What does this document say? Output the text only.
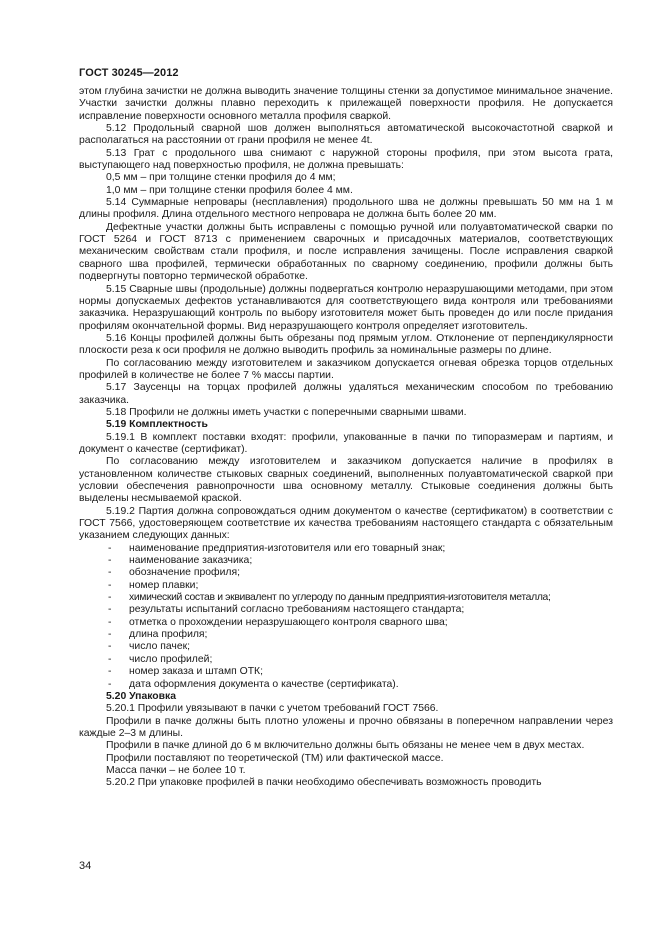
ГОСТ 30245—2012

этом глубина зачистки не должна выводить значение толщины стенки за допустимое минимальное значение. Участки зачистки должны плавно переходить к прилежащей поверхности профиля. Не допускается исправление поверхности основного металла профиля сваркой.

5.12 Продольный сварной шов должен выполняться автоматической высокочастотной сваркой и располагаться на расстоянии от грани профиля не менее 4t.

5.13 Грат с продольного шва снимают с наружной стороны профиля, при этом высота грата, выступающего над поверхностью профиля, не должна превышать:

0,5 мм – при толщине стенки профиля до 4 мм;

1,0 мм – при толщине стенки профиля более 4 мм.

5.14 Суммарные непровары (несплавления) продольного шва не должны превышать 50 мм на 1 м длины профиля. Длина отдельного местного непровара не должна быть более 20 мм.

Дефектные участки должны быть исправлены с помощью ручной или полуавтоматической сварки по ГОСТ 5264 и ГОСТ 8713 с применением сварочных и присадочных материалов, соответствующих механическим свойствам стали профиля, и после исправления зачищены. После исправления сваркой сварного шва профилей, термически обработанных по сварному соединению, профили должны быть подвергнуты повторно термической обработке.

5.15 Сварные швы (продольные) должны подвергаться контролю неразрушающими методами, при этом нормы допускаемых дефектов устанавливаются для соответствующего вида контроля или требованиями заказчика. Неразрушающий контроль по выбору изготовителя может быть проведен до или после придания профилям окончательной формы. Вид неразрушающего контроля определяет изготовитель.

5.16 Концы профилей должны быть обрезаны под прямым углом. Отклонение от перпендикулярности плоскости реза к оси профиля не должно выводить профиль за номинальные размеры по длине.

По согласованию между изготовителем и заказчиком допускается огневая обрезка торцов отдельных профилей в количестве не более 7 % массы партии.

5.17 Заусенцы на торцах профилей должны удаляться механическим способом по требованию заказчика.

5.18 Профили не должны иметь участки с поперечными сварными швами.

5.19 Комплектность

5.19.1 В комплект поставки входят: профили, упакованные в пачки по типоразмерам и партиям, и документ о качестве (сертификат).

По согласованию между изготовителем и заказчиком допускается наличие в профилях в установленном количестве стыковых сварных соединений, выполненных полуавтоматической сваркой при условии обеспечения равнопрочности шва основному металлу. Стыковые соединения должны быть выделены несмываемой краской.

5.19.2 Партия должна сопровождаться одним документом о качестве (сертификатом) в соответствии с ГОСТ 7566, удостоверяющем соответствие их качества требованиям настоящего стандарта с обязательным указанием следующих данных:

-	наименование предприятия-изготовителя или его товарный знак;
-	наименование заказчика;
-	обозначение профиля;
-	номер плавки;
-	химический состав и эквивалент по углероду по данным предприятия-изготовителя металла;
-	результаты испытаний согласно требованиям настоящего стандарта;
-	отметка о прохождении неразрушающего контроля сварного шва;
-	длина профиля;
-	число пачек;
-	число профилей;
-	номер заказа и штамп ОТК;
-	дата оформления документа о качестве (сертификата).

5.20 Упаковка

5.20.1 Профили увязывают в пачки с учетом требований ГОСТ 7566.

Профили в пачке должны быть плотно уложены и прочно обвязаны в поперечном направлении через каждые 2–3 м длины.

Профили в пачке длиной до 6 м включительно должны быть обязаны не менее чем в двух местах.

Профили поставляют по теоретической (ТМ) или фактической массе.

Масса пачки – не более 10 т.

5.20.2 При упаковке профилей в пачки необходимо обеспечивать возможность проводить

34
